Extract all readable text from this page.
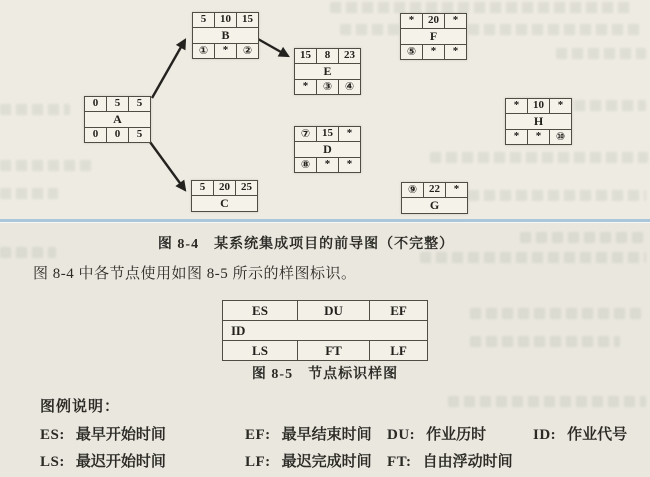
5	10	15
B
①	*	②
*	20	*
F
⑤	*	*
15	8	23
E
*	③	④
0	5	5
A
0	0	5
*	10	*
H
*	*	⑩
⑦	15	*
D
⑧	*	*
5	20	25
C
⑨	22	*
G
图 8-4　某系统集成项目的前导图（不完整）

图 8-4 中各节点使用如图 8-5 所示的样图标识。

ES	DU	EF
ID
LS	FT	LF
图 8-5　节点标识样图
图例说明：
ES: 最早开始时间	EF: 最早结束时间 DU: 作业历时	ID: 作业代号
LS: 最迟开始时间	LF: 最迟完成时间 FT: 自由浮动时间
